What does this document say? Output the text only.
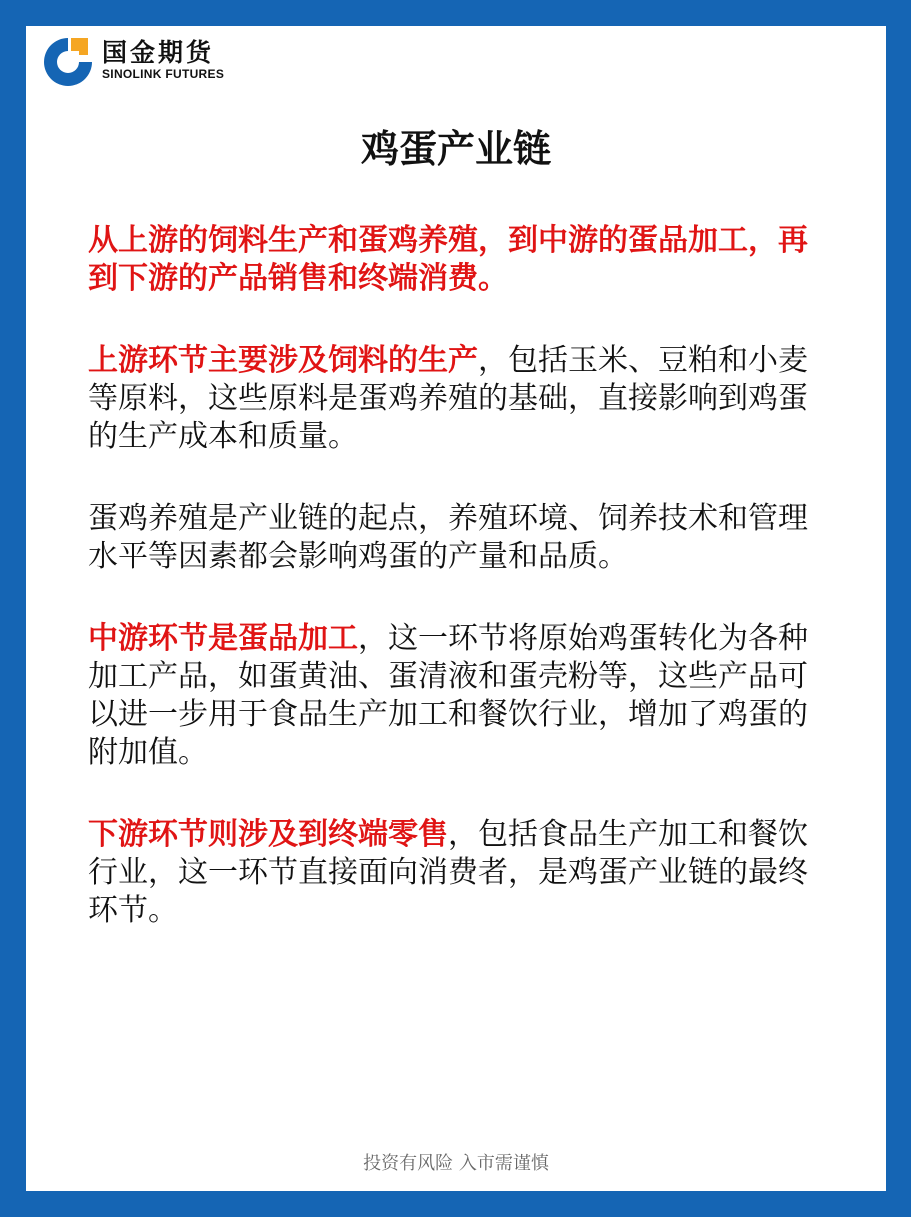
国金期货
SINOLINK FUTURES
鸡蛋产业链

从上游的饲料生产和蛋鸡养殖，到中游的蛋品加工，再到下游的产品销售和终端消费。

上游环节主要涉及饲料的生产，包括玉米、豆粕和小麦等原料，这些原料是蛋鸡养殖的基础，直接影响到鸡蛋的生产成本和质量。

蛋鸡养殖是产业链的起点，养殖环境、饲养技术和管理水平等因素都会影响鸡蛋的产量和品质。

中游环节是蛋品加工，这一环节将原始鸡蛋转化为各种加工产品，如蛋黄油、蛋清液和蛋壳粉等，这些产品可以进一步用于食品生产加工和餐饮行业，增加了鸡蛋的附加值。

下游环节则涉及到终端零售，包括食品生产加工和餐饮行业，这一环节直接面向消费者，是鸡蛋产业链的最终环节。

投资有风险 入市需谨慎
